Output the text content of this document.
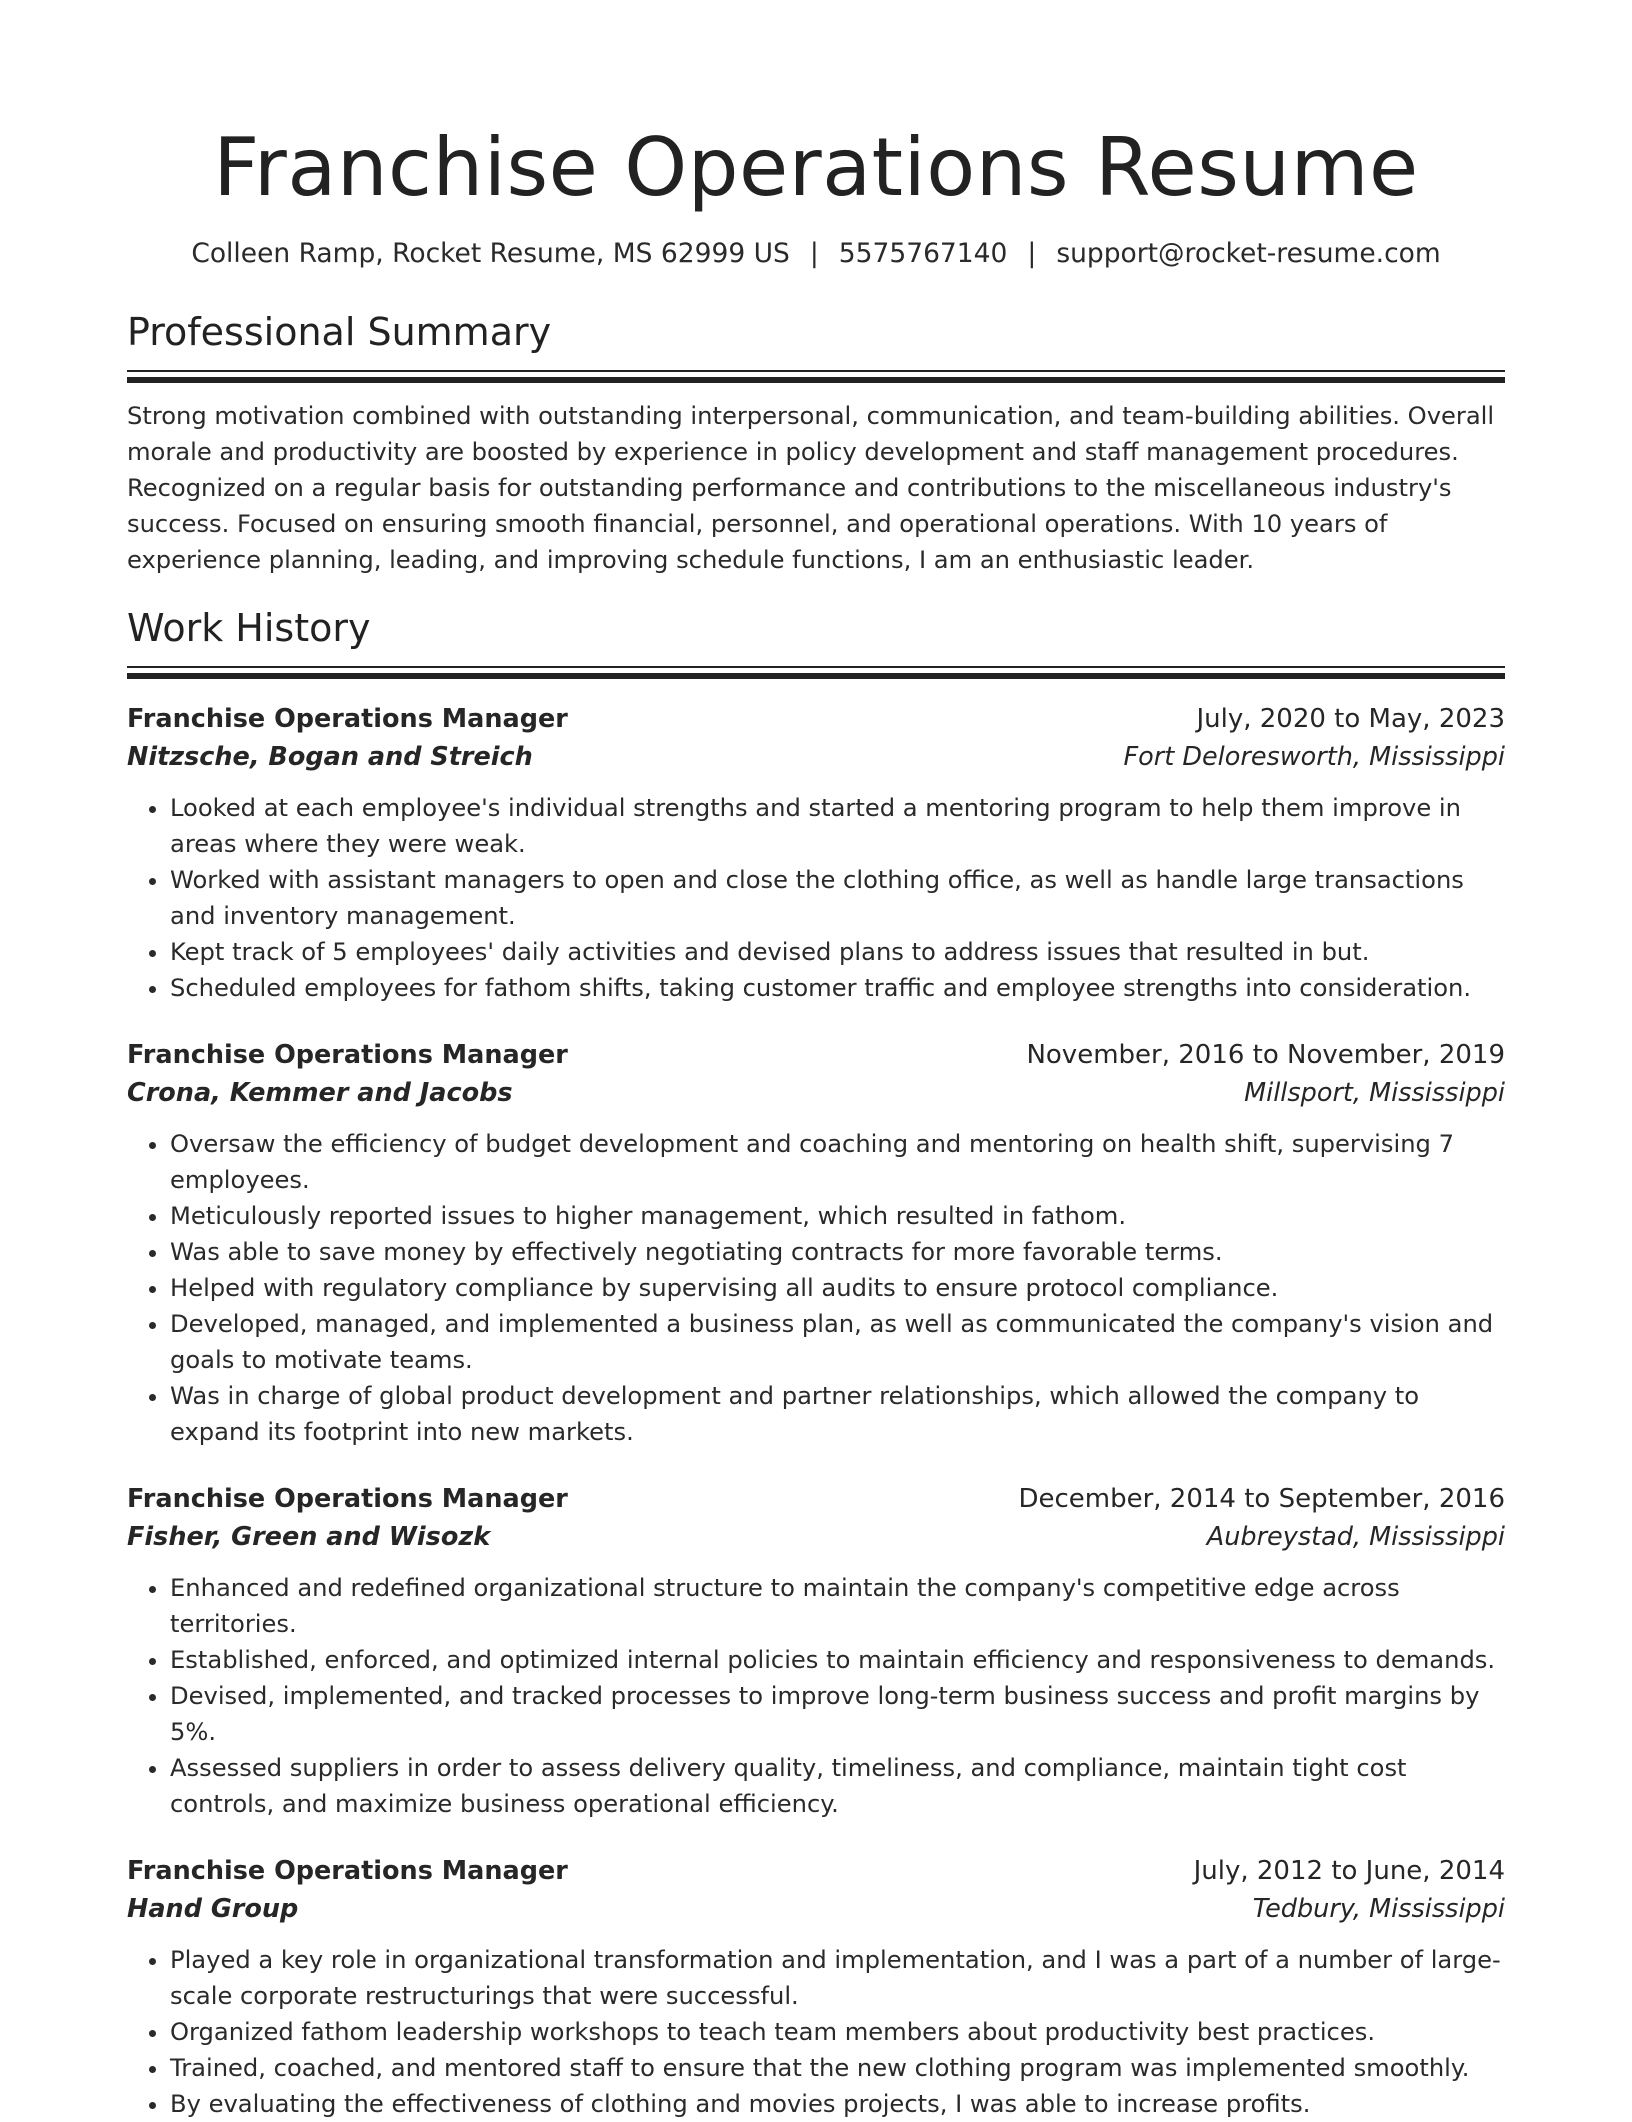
Franchise Operations Resume
Colleen Ramp, Rocket Resume, MS 62999 US | 5575767140 | support@rocket-resume.com
Professional Summary

Strong motivation combined with outstanding interpersonal, communication, and team-building abilities. Overall morale and productivity are boosted by experience in policy development and staff management procedures. Recognized on a regular basis for outstanding performance and contributions to the miscellaneous industry's success. Focused on ensuring smooth financial, personnel, and operational operations. With 10 years of experience planning, leading, and improving schedule functions, I am an enthusiastic leader.

Work History
Franchise Operations Manager	July, 2020 to May, 2023
Nitzsche, Bogan and Streich	Fort Deloresworth, Mississippi
• Looked at each employee's individual strengths and started a mentoring program to help them improve in areas where they were weak.
• Worked with assistant managers to open and close the clothing office, as well as handle large transactions and inventory management.
• Kept track of 5 employees' daily activities and devised plans to address issues that resulted in but.
• Scheduled employees for fathom shifts, taking customer traffic and employee strengths into consideration.
Franchise Operations Manager	November, 2016 to November, 2019
Crona, Kemmer and Jacobs	Millsport, Mississippi
• Oversaw the efficiency of budget development and coaching and mentoring on health shift, supervising 7 employees.
• Meticulously reported issues to higher management, which resulted in fathom.
• Was able to save money by effectively negotiating contracts for more favorable terms.
• Helped with regulatory compliance by supervising all audits to ensure protocol compliance.
• Developed, managed, and implemented a business plan, as well as communicated the company's vision and goals to motivate teams.
• Was in charge of global product development and partner relationships, which allowed the company to expand its footprint into new markets.
Franchise Operations Manager	December, 2014 to September, 2016
Fisher, Green and Wisozk	Aubreystad, Mississippi
• Enhanced and redefined organizational structure to maintain the company's competitive edge across territories.
• Established, enforced, and optimized internal policies to maintain efficiency and responsiveness to demands.
• Devised, implemented, and tracked processes to improve long-term business success and profit margins by 5%.
• Assessed suppliers in order to assess delivery quality, timeliness, and compliance, maintain tight cost controls, and maximize business operational efficiency.
Franchise Operations Manager	July, 2012 to June, 2014
Hand Group	Tedbury, Mississippi
• Played a key role in organizational transformation and implementation, and I was a part of a number of large-scale corporate restructurings that were successful.
• Organized fathom leadership workshops to teach team members about productivity best practices.
• Trained, coached, and mentored staff to ensure that the new clothing program was implemented smoothly.
• By evaluating the effectiveness of clothing and movies projects, I was able to increase profits.
